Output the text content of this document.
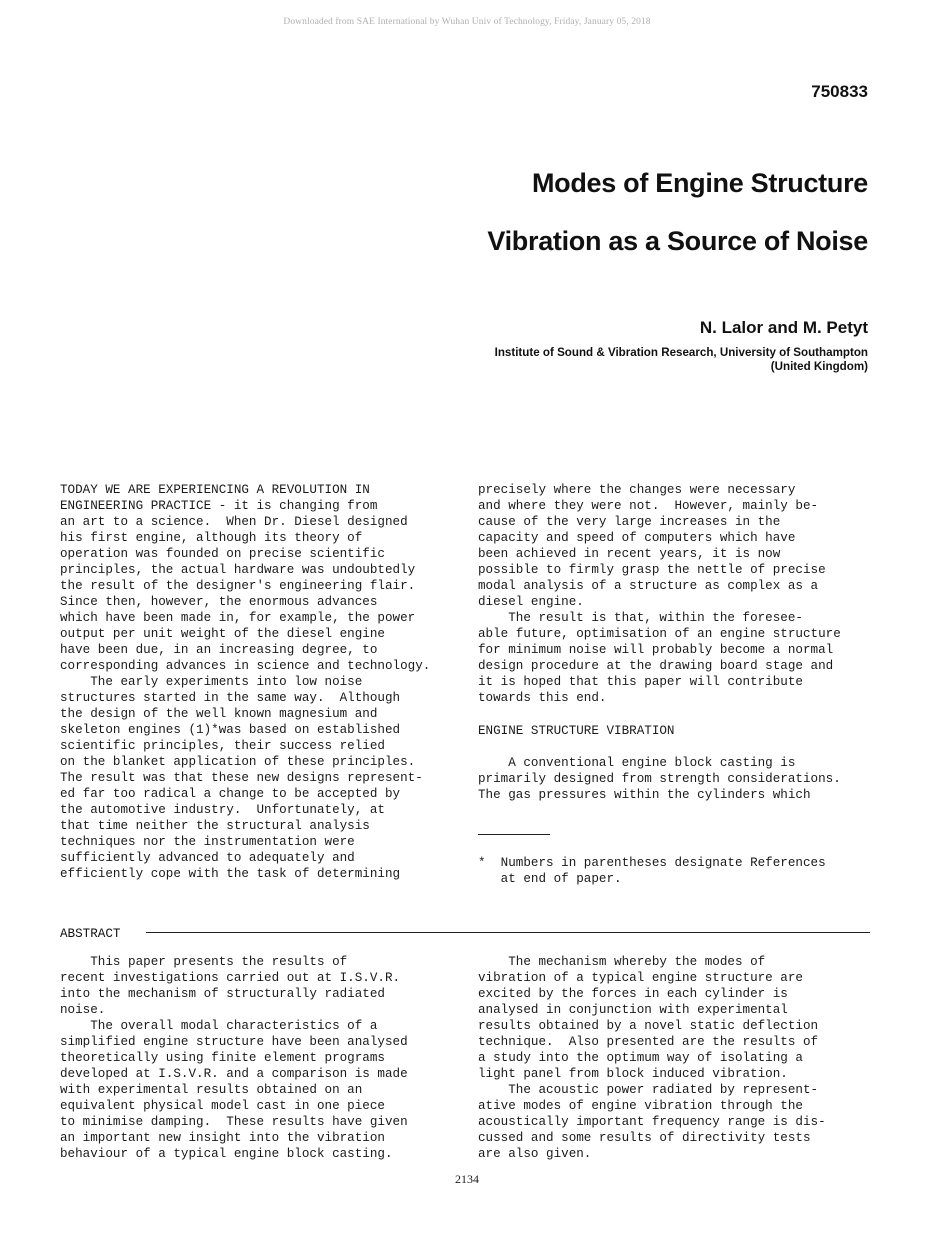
Downloaded from SAE International by Wuhan Univ of Technology, Friday, January 05, 2018
750833
Modes of Engine Structure
Vibration as a Source of Noise
N. Lalor and M. Petyt
Institute of Sound & Vibration Research, University of Southampton
(United Kingdom)
TODAY WE ARE EXPERIENCING A REVOLUTION IN
ENGINEERING PRACTICE - it is changing from
an art to a science.  When Dr. Diesel designed
his first engine, although its theory of
operation was founded on precise scientific
principles, the actual hardware was undoubtedly
the result of the designer's engineering flair.
Since then, however, the enormous advances
which have been made in, for example, the power
output per unit weight of the diesel engine
have been due, in an increasing degree, to
corresponding advances in science and technology.
The early experiments into low noise
structures started in the same way.  Although
the design of the well known magnesium and
skeleton engines (1)*was based on established
scientific principles, their success relied
on the blanket application of these principles.
The result was that these new designs represent-
ed far too radical a change to be accepted by
the automotive industry.  Unfortunately, at
that time neither the structural analysis
techniques nor the instrumentation were
sufficiently advanced to adequately and
efficiently cope with the task of determining
precisely where the changes were necessary
and where they were not.  However, mainly be-
cause of the very large increases in the
capacity and speed of computers which have
been achieved in recent years, it is now
possible to firmly grasp the nettle of precise
modal analysis of a structure as complex as a
diesel engine.
The result is that, within the foresee-
able future, optimisation of an engine structure
for minimum noise will probably become a normal
design procedure at the drawing board stage and
it is hoped that this paper will contribute
towards this end.
ENGINE STRUCTURE VIBRATION
A conventional engine block casting is
primarily designed from strength considerations.
The gas pressures within the cylinders which
*  Numbers in parentheses designate References
at end of paper.
ABSTRACT
This paper presents the results of
recent investigations carried out at I.S.V.R.
into the mechanism of structurally radiated
noise.
The overall modal characteristics of a
simplified engine structure have been analysed
theoretically using finite element programs
developed at I.S.V.R. and a comparison is made
with experimental results obtained on an
equivalent physical model cast in one piece
to minimise damping.  These results have given
an important new insight into the vibration
behaviour of a typical engine block casting.
The mechanism whereby the modes of
vibration of a typical engine structure are
excited by the forces in each cylinder is
analysed in conjunction with experimental
results obtained by a novel static deflection
technique.  Also presented are the results of
a study into the optimum way of isolating a
light panel from block induced vibration.
The acoustic power radiated by represent-
ative modes of engine vibration through the
acoustically important frequency range is dis-
cussed and some results of directivity tests
are also given.
2134
